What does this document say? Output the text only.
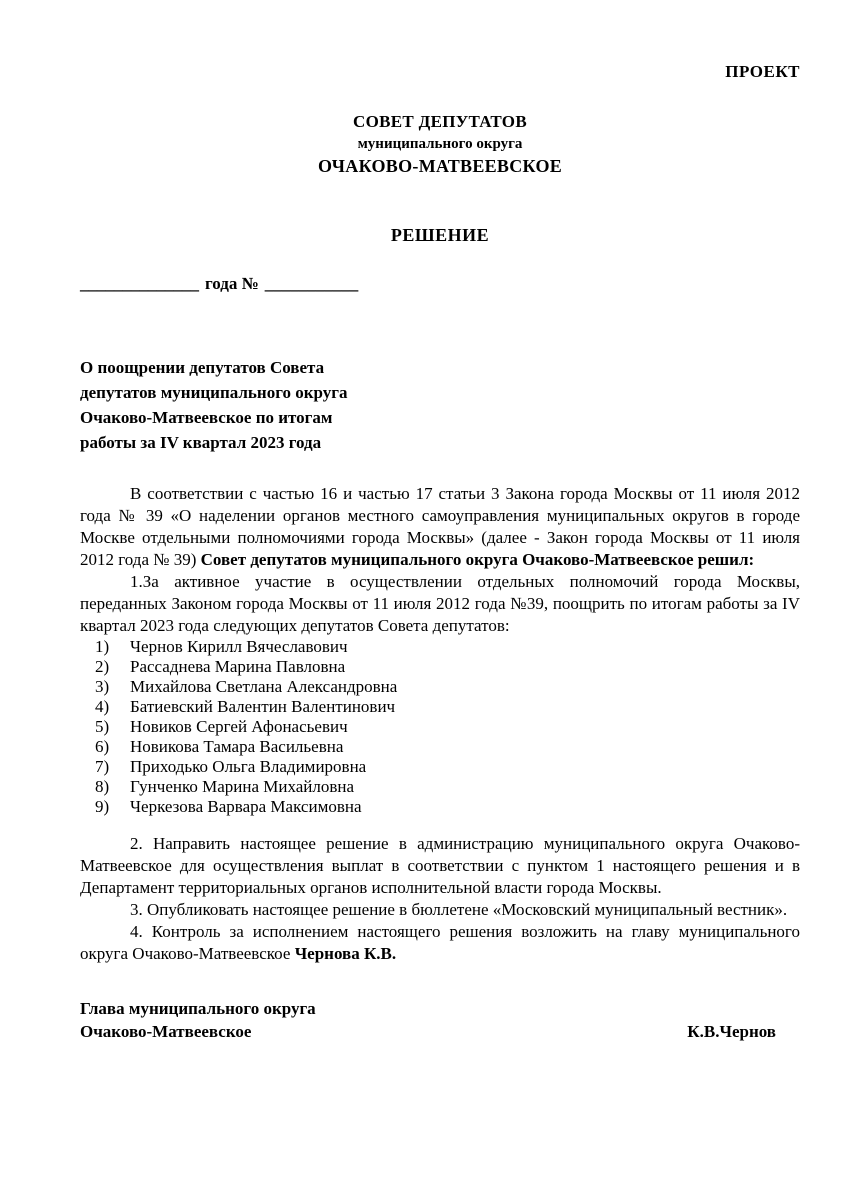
ПРОЕКТ
СОВЕТ ДЕПУТАТОВ
муниципального округа
ОЧАКОВО-МАТВЕЕВСКОЕ
РЕШЕНИЕ
______________ года № ___________
О поощрении депутатов Совета
депутатов муниципального округа
Очаково-Матвеевское по итогам
работы за IV квартал 2023 года

В соответствии с частью 16 и частью 17 статьи 3 Закона города Москвы от 11 июля 2012 года № 39 «О наделении органов местного самоуправления муниципальных округов в городе Москве отдельными полномочиями города Москвы» (далее - Закон города Москвы от 11 июля 2012 года № 39) Совет депутатов муниципального округа Очаково-Матвеевское решил:

1.За активное участие в осуществлении отдельных полномочий города Москвы, переданных Законом города Москвы от 11 июля 2012 года №39, поощрить по итогам работы за IV квартал 2023 года следующих депутатов Совета депутатов:

1)	Чернов Кирилл Вячеславович
2)	Рассаднева Марина Павловна
3)	Михайлова Светлана Александровна
4)	Батиевский Валентин Валентинович
5)	Новиков Сергей Афонасьевич
6)	Новикова Тамара Васильевна
7)	Приходько Ольга Владимировна
8)	Гунченко Марина Михайловна
9)	Черкезова Варвара Максимовна

2. Направить настоящее решение в администрацию муниципального округа Очаково-Матвеевское для осуществления выплат в соответствии с пунктом 1 настоящего решения и в Департамент территориальных органов исполнительной власти города Москвы.

3. Опубликовать настоящее решение в бюллетене «Московский муниципальный вестник».

4. Контроль за исполнением настоящего решения возложить на главу муниципального округа Очаково-Матвеевское Чернова К.В.

Глава муниципального округа
Очаково-Матвеевское	К.В.Чернов
